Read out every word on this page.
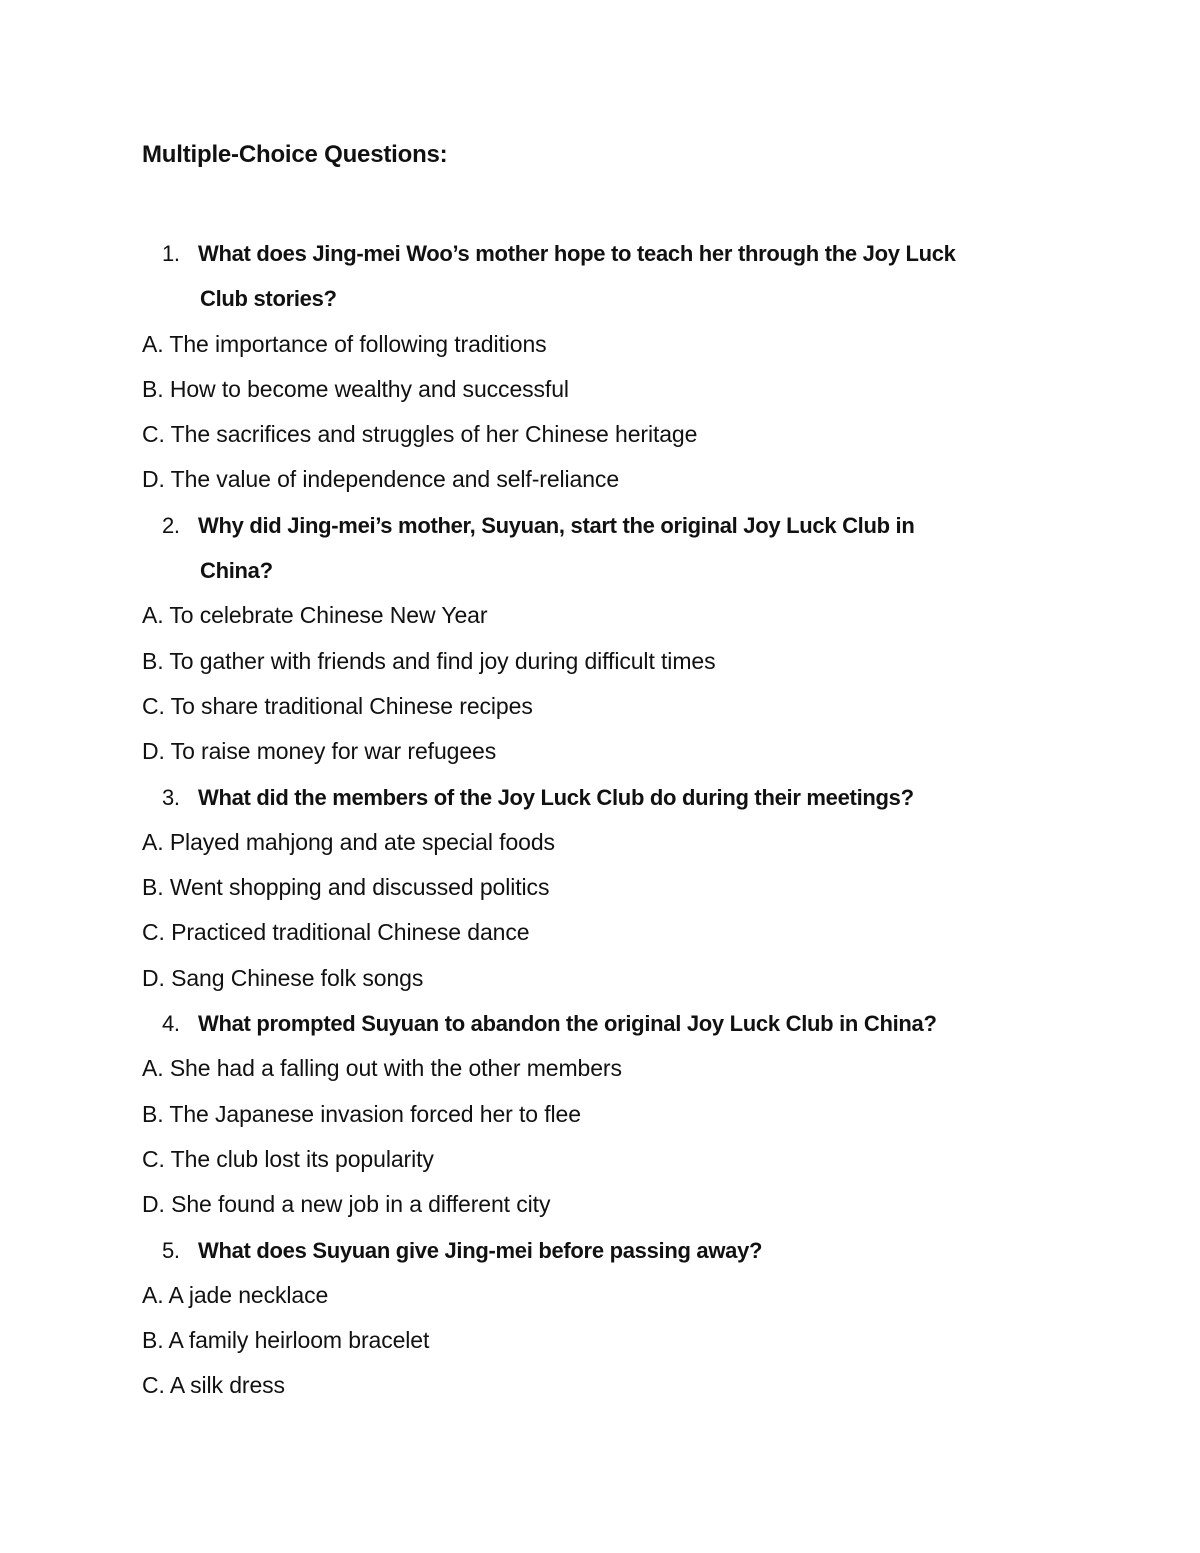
Multiple-Choice Questions:
1. What does Jing-mei Woo’s mother hope to teach her through the Joy Luck
Club stories?
A. The importance of following traditions
B. How to become wealthy and successful
C. The sacrifices and struggles of her Chinese heritage
D. The value of independence and self-reliance
2. Why did Jing-mei’s mother, Suyuan, start the original Joy Luck Club in
China?
A. To celebrate Chinese New Year
B. To gather with friends and find joy during difficult times
C. To share traditional Chinese recipes
D. To raise money for war refugees
3. What did the members of the Joy Luck Club do during their meetings?
A. Played mahjong and ate special foods
B. Went shopping and discussed politics
C. Practiced traditional Chinese dance
D. Sang Chinese folk songs
4. What prompted Suyuan to abandon the original Joy Luck Club in China?
A. She had a falling out with the other members
B. The Japanese invasion forced her to flee
C. The club lost its popularity
D. She found a new job in a different city
5. What does Suyuan give Jing-mei before passing away?
A. A jade necklace
B. A family heirloom bracelet
C. A silk dress
